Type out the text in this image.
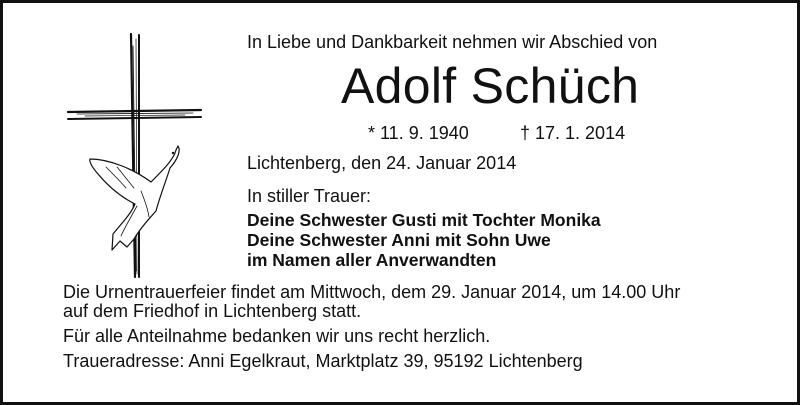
In Liebe und Dankbarkeit nehmen wir Abschied von
Adolf Schüch
* 11. 9. 1940	† 17. 1. 2014
Lichtenberg, den 24. Januar 2014
In stiller Trauer:
Deine Schwester Gusti mit Tochter Monika
Deine Schwester Anni mit Sohn Uwe
im Namen aller Anverwandten
Die Urnentrauerfeier findet am Mittwoch, dem 29. Januar 2014, um 14.00 Uhr
auf dem Friedhof in Lichtenberg statt.
Für alle Anteilnahme bedanken wir uns recht herzlich.
Traueradresse: Anni Egelkraut, Marktplatz 39, 95192 Lichtenberg
